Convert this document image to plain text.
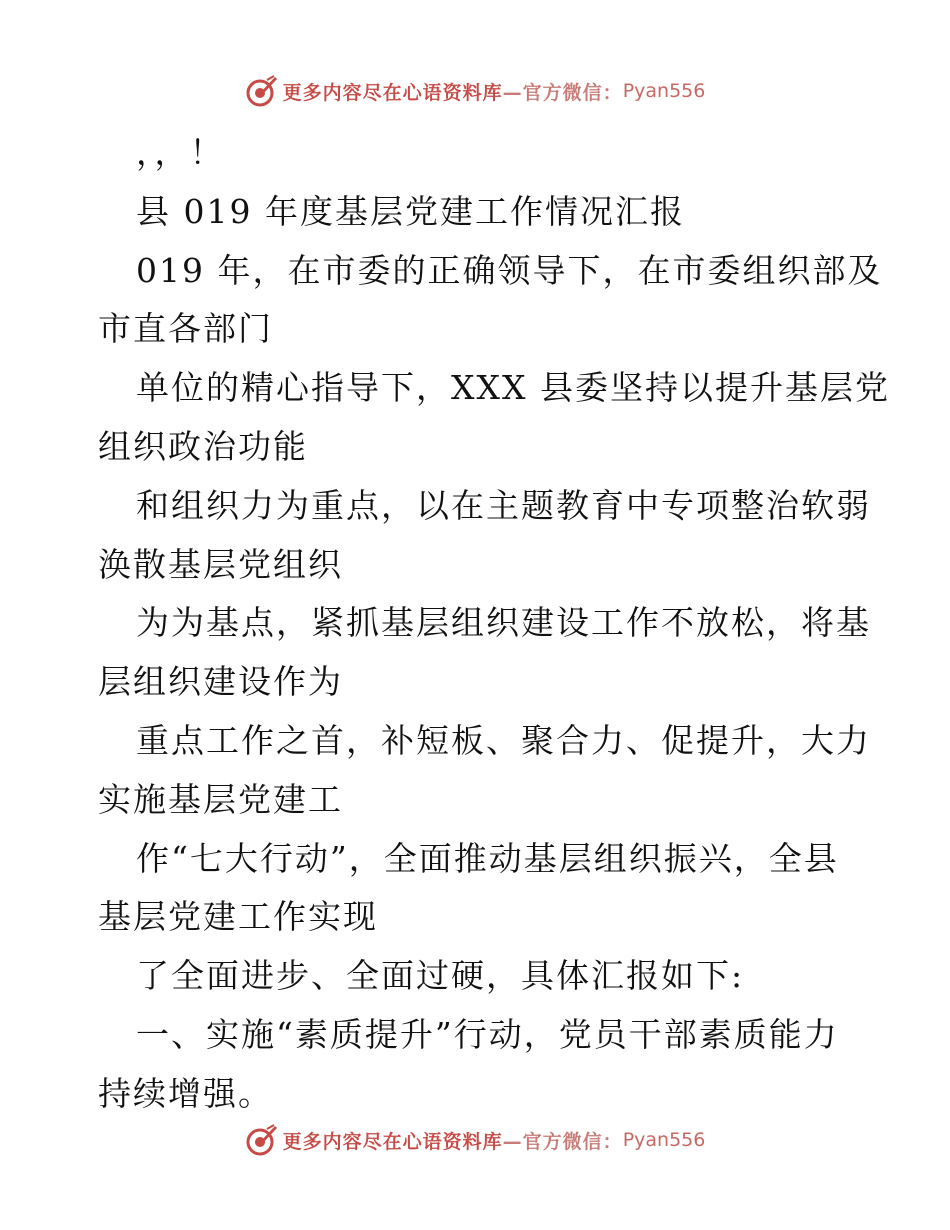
更多内容尽在心语资料库 —官方微信： Pyan556
，，！
县 019 年度基层党建工作情况汇报
019 年，在市委的正确领导下，在市委组织部及
市直各部门
单位的精心指导下，XXX 县委坚持以提升基层党
组织政治功能
和组织力为重点，以在主题教育中专项整治软弱
涣散基层党组织
为为基点，紧抓基层组织建设工作不放松，将基
层组织建设作为
重点工作之首，补短板、聚合力、促提升，大力
实施基层党建工
作“七大行动”，全面推动基层组织振兴，全县
基层党建工作实现
了全面进步、全面过硬，具体汇报如下:
一、实施“素质提升”行动，党员干部素质能力
持续增强。
更多内容尽在心语资料库 —官方微信： Pyan556
